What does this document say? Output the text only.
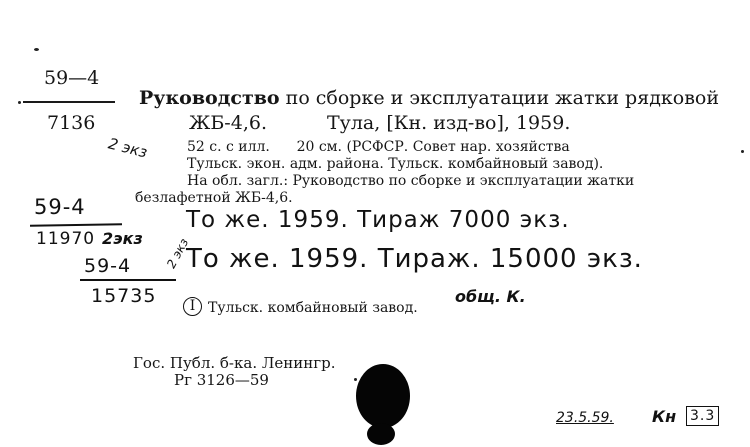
59—4
7136
Руководство по сборке и эксплуатации жатки рядковой
ЖБ-4,6.	Тула, [Кн. изд-во], 1959.
2 экз	52 с. с илл.      20 см. (РСФСР. Совет нар. хозяйства
Тульск. экон. адм. района. Тульск. комбайновый завод).
На обл. загл.: Руководство по сборке и эксплуатации жатки
безлафетной ЖБ-4,6.
59-4
11970 2экз
То же. 1959. Тираж 7000 экз.
59-4	2 экз
То же. 1959. Тираж. 15000 экз.
15735	I Тульск. комбайновый завод.
общ. К.
Гос. Публ. б-ка. Ленингр.
Рг 3126—59
23.5.59. Кн 3.3
